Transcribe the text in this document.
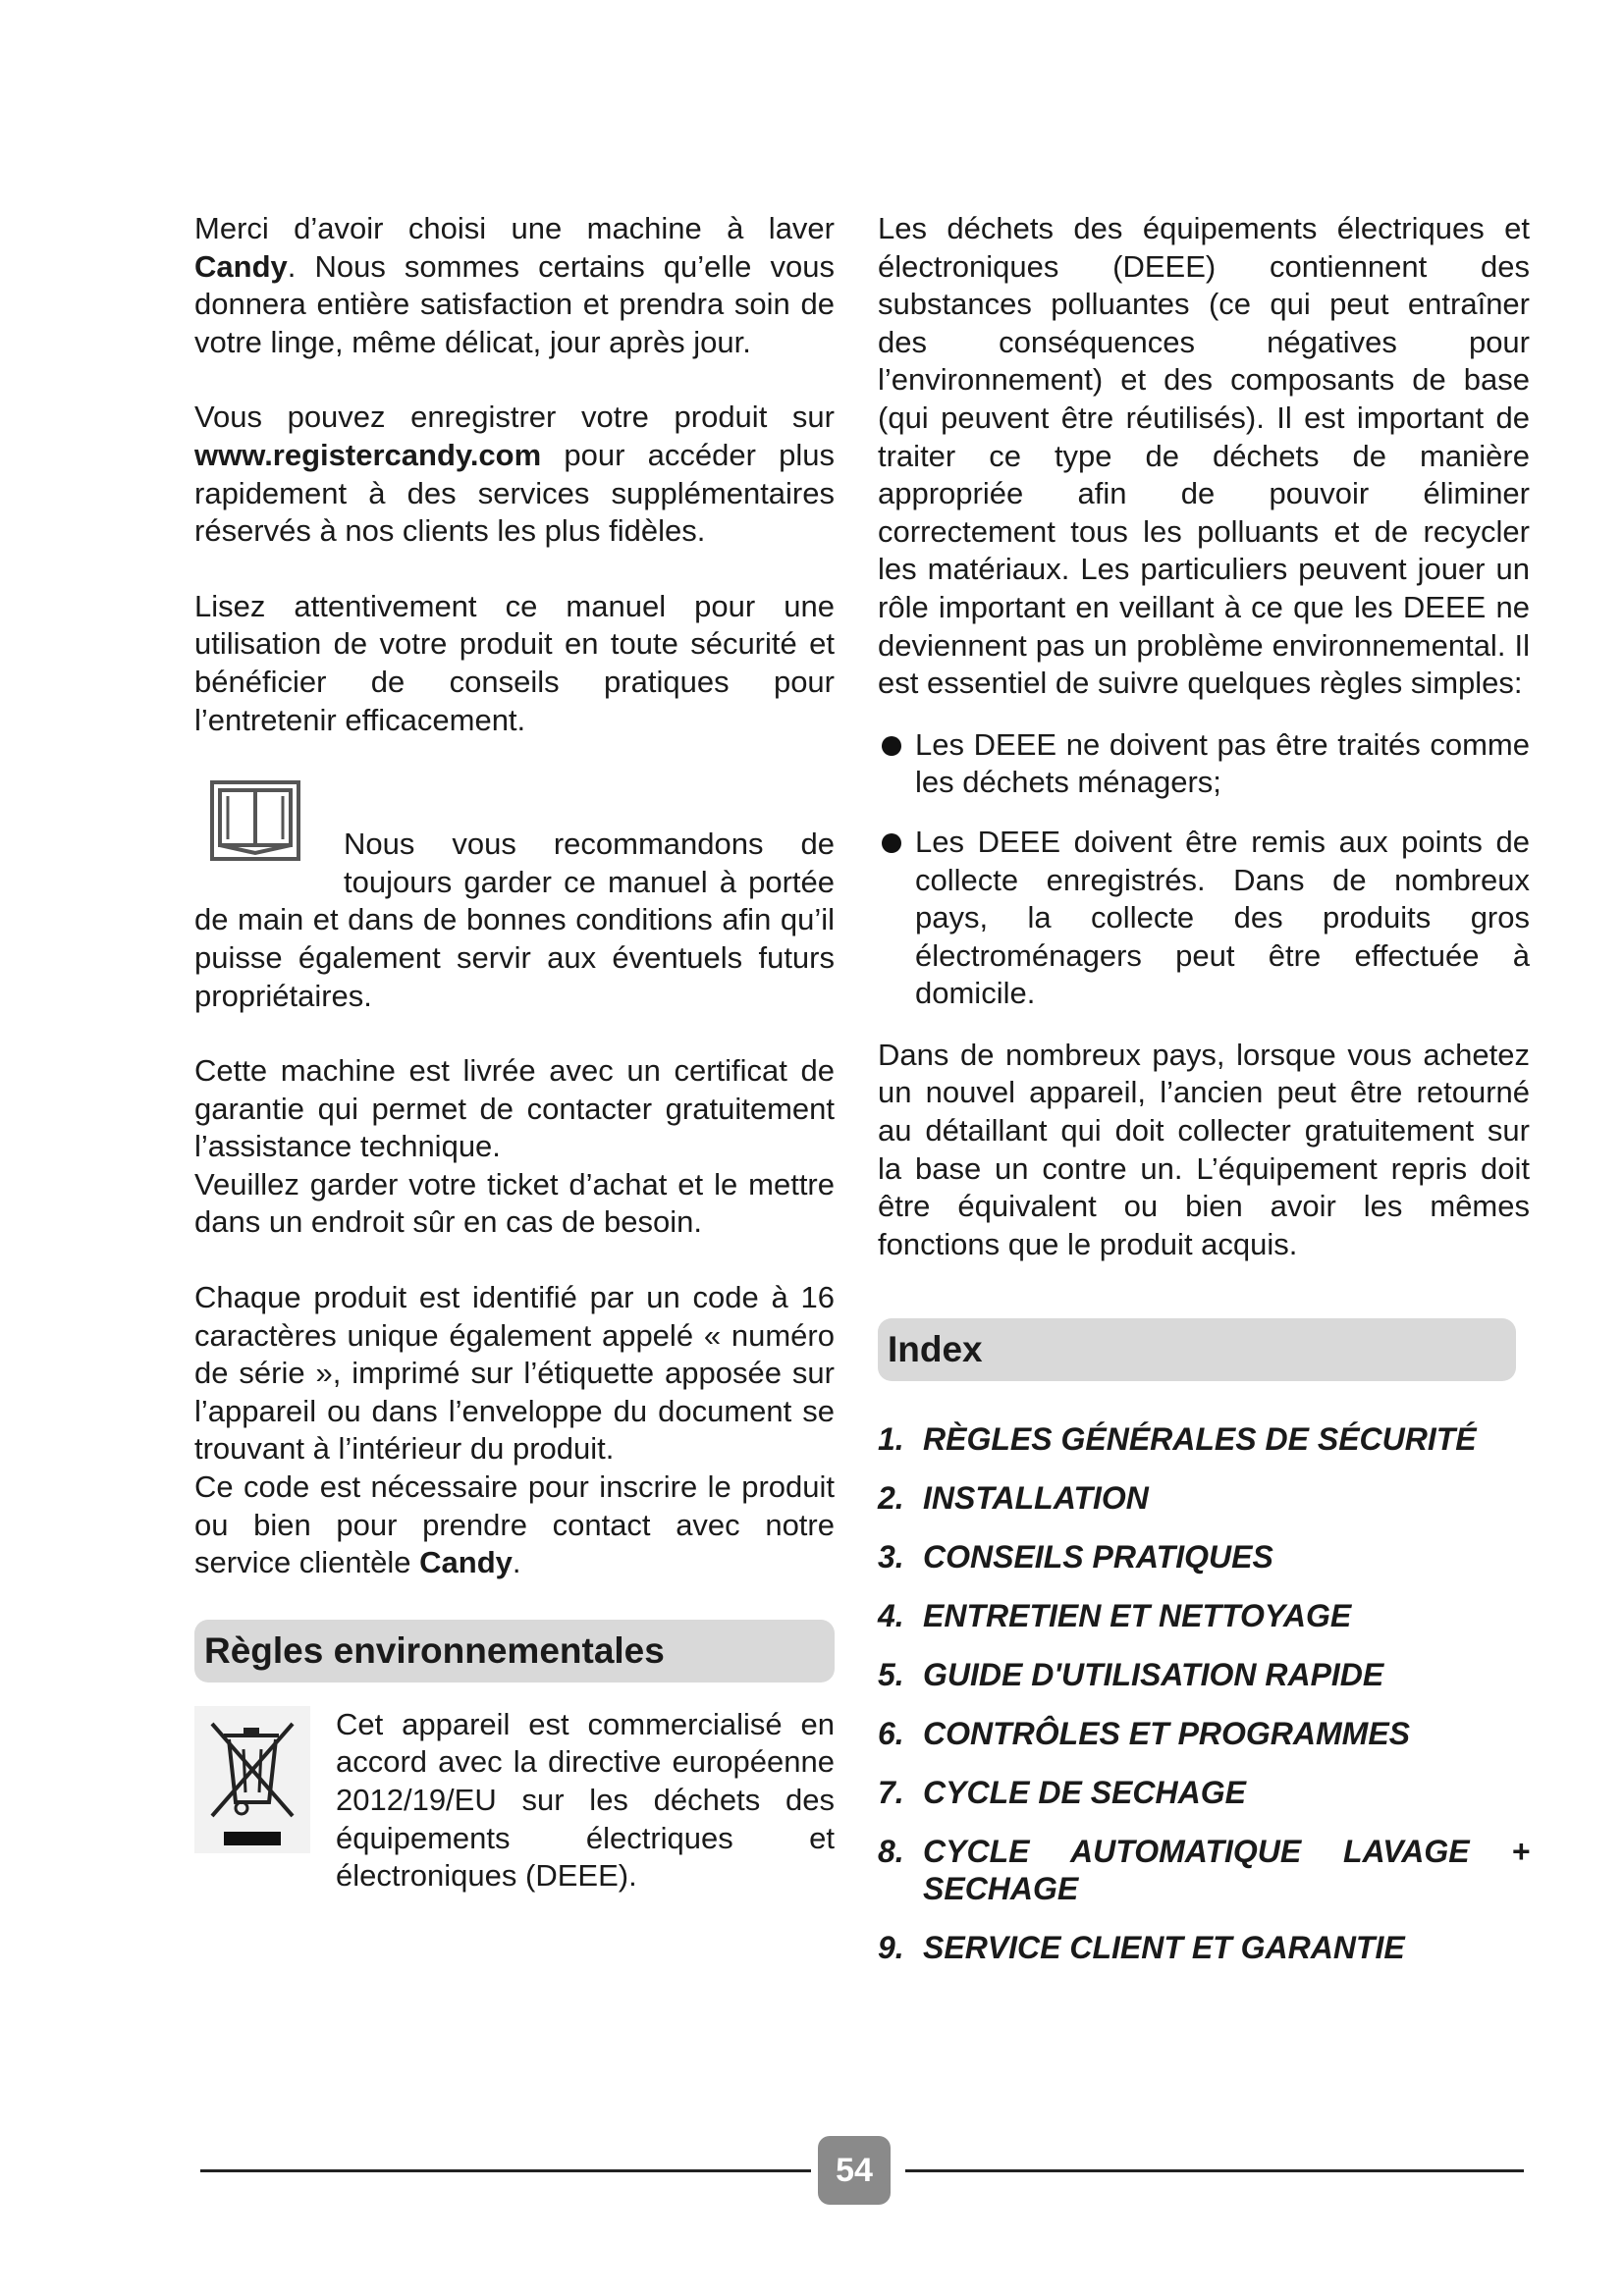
Merci d’avoir choisi une machine à laver Candy. Nous sommes certains qu’elle vous donnera entière satisfaction et prendra soin de votre linge, même délicat, jour après jour.

Vous pouvez enregistrer votre produit sur www.registercandy.com pour accéder plus rapidement à des services supplémentaires réservés à nos clients les plus fidèles.

Lisez attentivement ce manuel pour une utilisation de votre produit en toute sécurité et bénéficier de conseils pratiques pour l’entretenir efficacement.

Nous vous recommandons de toujours garder ce manuel à portée de main et dans de bonnes conditions afin qu’il puisse également servir aux éventuels futurs propriétaires.

Cette machine est livrée avec un certificat de garantie qui permet de contacter gratuitement l’assistance technique.

Veuillez garder votre ticket d’achat et le mettre dans un endroit sûr en cas de besoin.

Chaque produit est identifié par un code à 16 caractères unique également appelé « numéro de série », imprimé sur l’étiquette apposée sur l’appareil ou dans l’enveloppe du document se trouvant à l’intérieur du produit.

Ce code est nécessaire pour inscrire le produit ou bien pour prendre contact avec notre service clientèle Candy.

Règles environnementales

Cet appareil est commercialisé en accord avec la directive européenne 2012/19/EU sur les déchets des équipements électriques et électroniques (DEEE).

Les déchets des équipements électriques et électroniques (DEEE) contiennent des substances polluantes (ce qui peut entraîner des conséquences négatives pour l’environnement) et des composants de base (qui peuvent être réutilisés). Il est important de traiter ce type de déchets de manière appropriée afin de pouvoir éliminer correctement tous les polluants et de recycler les matériaux. Les particuliers peuvent jouer un rôle important en veillant à ce que les DEEE ne deviennent pas un problème environnemental. Il est essentiel de suivre quelques règles simples:

Les DEEE ne doivent pas être traités comme les déchets ménagers;
Les DEEE doivent être remis aux points de collecte enregistrés. Dans de nombreux pays, la collecte des produits gros électroménagers peut être effectuée à domicile.

Dans de nombreux pays, lorsque vous achetez un nouvel appareil, l’ancien peut être retourné au détaillant qui doit collecter gratuitement sur la base un contre un. L’équipement repris doit être équivalent ou bien avoir les mêmes fonctions que le produit acquis.

Index
1. RÈGLES GÉNÉRALES DE SÉCURITÉ
2. INSTALLATION
3. CONSEILS PRATIQUES
4. ENTRETIEN ET NETTOYAGE
5. GUIDE D'UTILISATION RAPIDE
6. CONTRÔLES ET PROGRAMMES
7. CYCLE DE SECHAGE
8. CYCLE AUTOMATIQUE LAVAGE + SECHAGE
9. SERVICE CLIENT ET GARANTIE
54
